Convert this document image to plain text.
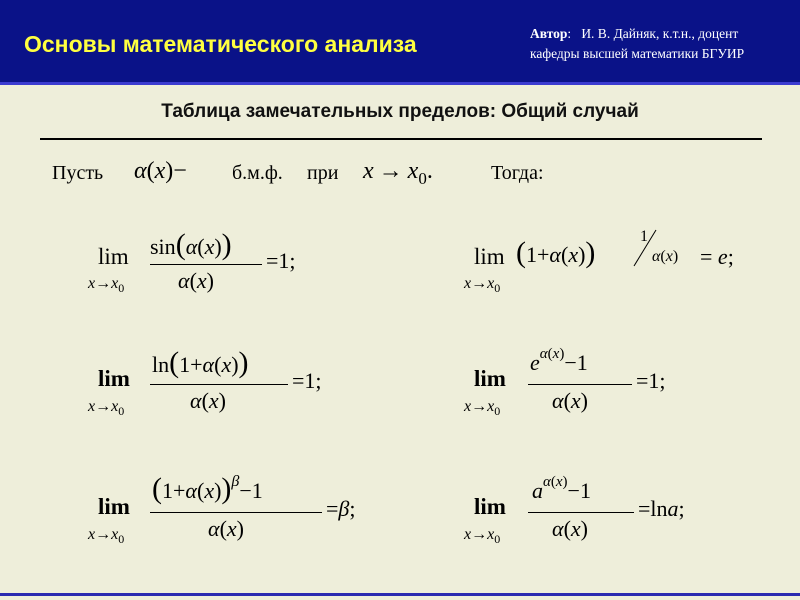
Основы математического анализа	Автор:   И. В. Дайняк, к.т.н., доцент
кафедры высшей математики БГУИР
Таблица замечательных пределов: Общий случай
Пусть α(x)− б.м.ф. при $x \to x_0$.	Тогда:
lim
$x\to x_0$
sin(α(x))
α(x)
=1;	lim
$x\to x_0$
(1+α(x))	1
α(x) = e;
lim
$x\to x_0$
ln(1+α(x))
α(x)
=1;	lim
$x\to x_0$
$e^{\alpha(x)}-1$
α(x)
=1;
lim
$x\to x_0$
$(1+\alpha(x))^\beta-1$
α(x)
=β;	lim
$x\to x_0$
$a^{\alpha(x)}-1$
α(x)
=lna;
